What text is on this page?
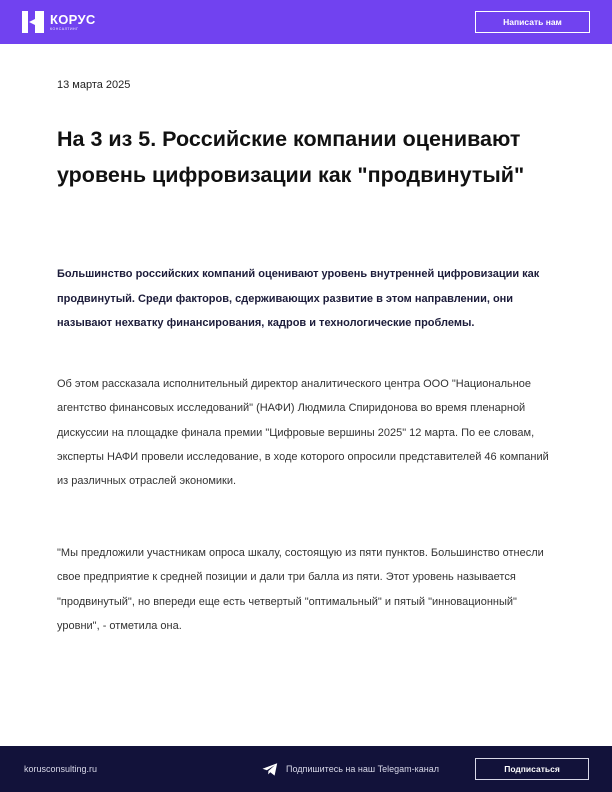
КОРУС
КОНСАЛТИНГ
Написать нам
13 марта 2025
На 3 из 5. Российские компании оценивают уровень цифровизации как "продвинутый"

Большинство российских компаний оценивают уровень внутренней цифровизации как продвинутый. Среди факторов, сдерживающих развитие в этом направлении, они называют нехватку финансирования, кадров и технологические проблемы.

Об этом рассказала исполнительный директор аналитического центра ООО "Национальное агентство финансовых исследований" (НАФИ) Людмила Спиридонова во время пленарной дискуссии на площадке финала премии "Цифровые вершины 2025" 12 марта. По ее словам, эксперты НАФИ провели исследование, в ходе которого опросили представителей 46 компаний из различных отраслей экономики.

"Мы предложили участникам опроса шкалу, состоящую из пяти пунктов. Большинство отнесли свое предприятие к средней позиции и дали три балла из пяти. Этот уровень называется "продвинутый", но впереди еще есть четвертый "оптимальный" и пятый "инновационный" уровни", - отметила она.

korusconsulting.ru	Подпишитесь на наш Telegam-канал	Подписаться
